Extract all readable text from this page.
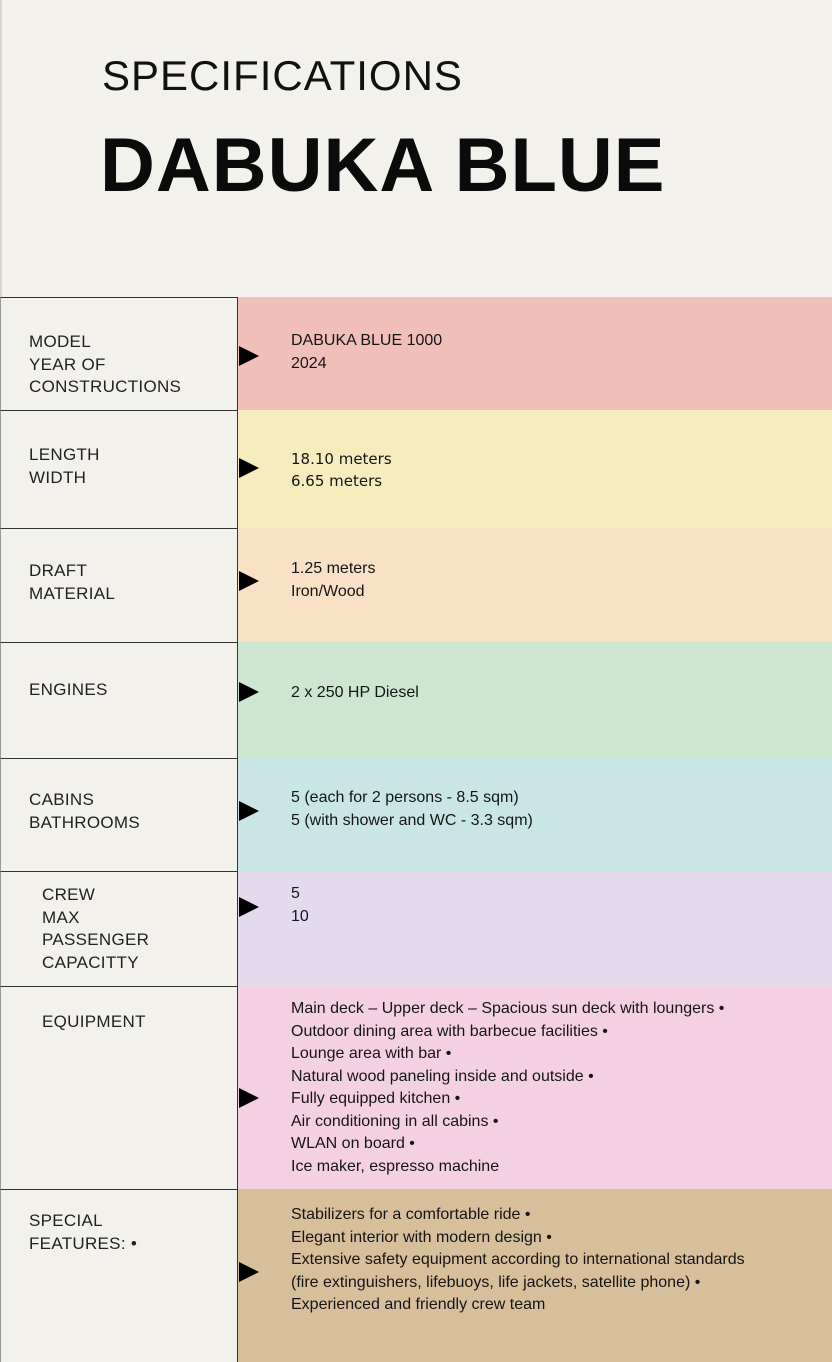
SPECIFICATIONS
DABUKA BLUE
MODEL
YEAR OF
CONSTRUCTIONS
DABUKA BLUE 1000
2024
LENGTH
WIDTH
18.10 meters
6.65 meters
DRAFT
MATERIAL
1.25 meters
Iron/Wood
ENGINES	2 x 250 HP Diesel
CABINS
BATHROOMS
5 (each for 2 persons - 8.5 sqm)
5 (with shower and WC - 3.3 sqm)
CREW
MAX
PASSENGER
CAPACITTY
5
10
EQUIPMENT
Main deck – Upper deck – Spacious sun deck with loungers •
Outdoor dining area with barbecue facilities •
Lounge area with bar •
Natural wood paneling inside and outside •
Fully equipped kitchen •
Air conditioning in all cabins •
WLAN on board •
Ice maker, espresso machine
SPECIAL
FEATURES: •
Stabilizers for a comfortable ride •
Elegant interior with modern design •
Extensive safety equipment according to international standards
(fire extinguishers, lifebuoys, life jackets, satellite phone) •
Experienced and friendly crew team
